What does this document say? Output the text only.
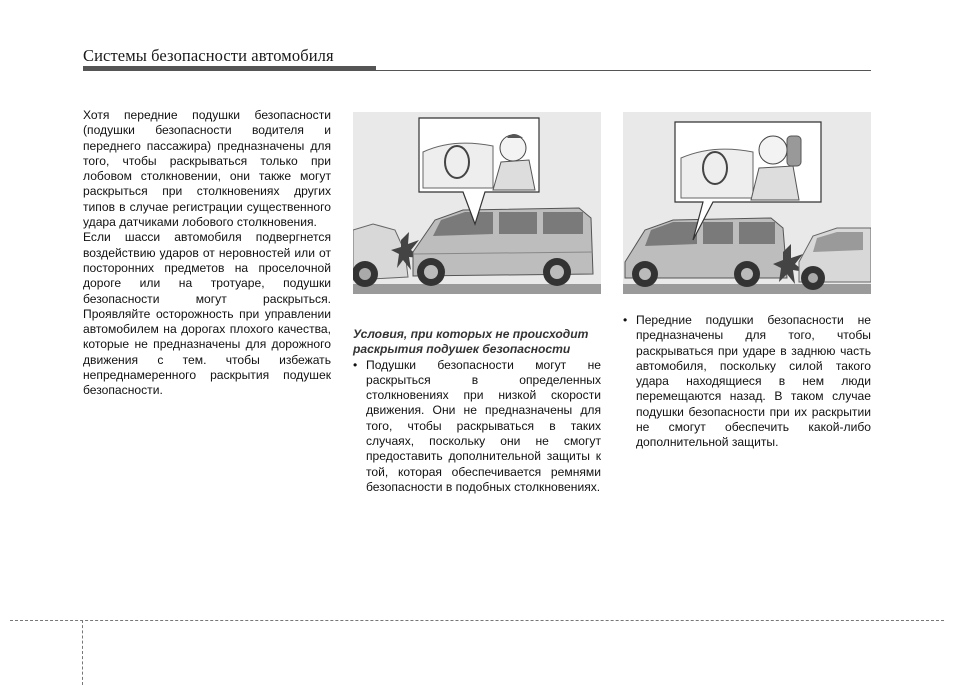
Системы безопасности автомобиля

Хотя передние подушки безопасности (подушки безопасности водителя и переднего пассажира) предназначены для того, чтобы раскрываться только при лобовом столкновении, они также могут раскрыться при столкновениях других типов в случае регистрации существенного удара датчиками лобового столкновения.

Если шасси автомобиля подвергнется воздействию ударов от неровностей или от посторонних предметов на проселочной дороге или на тротуаре, подушки безопасности могут раскрыться. Проявляйте осторожность при управлении автомобилем на дорогах плохого качества, которые не предназначены для дорожного движения с тем. чтобы избежать непреднамеренного раскрытия подушек безопасности.

Условия, при которых не происходит раскрытия подушек безопасности

• Подушки безопасности могут не раскрыться в определенных столкновениях при низкой скорости движения. Они не предназначены для того, чтобы раскрываться в таких случаях, поскольку они не смогут предоставить дополнительной защиты к той, которая обеспечивается ремнями безопасности в подобных столкновениях.

• Передние подушки безопасности не предназначены для того, чтобы раскрываться при ударе в заднюю часть автомобиля, поскольку силой такого удара находящиеся в нем люди перемещаются назад. В таком случае подушки безопасности при их раскрытии не смогут обеспечить какой-либо дополнительной защиты.
